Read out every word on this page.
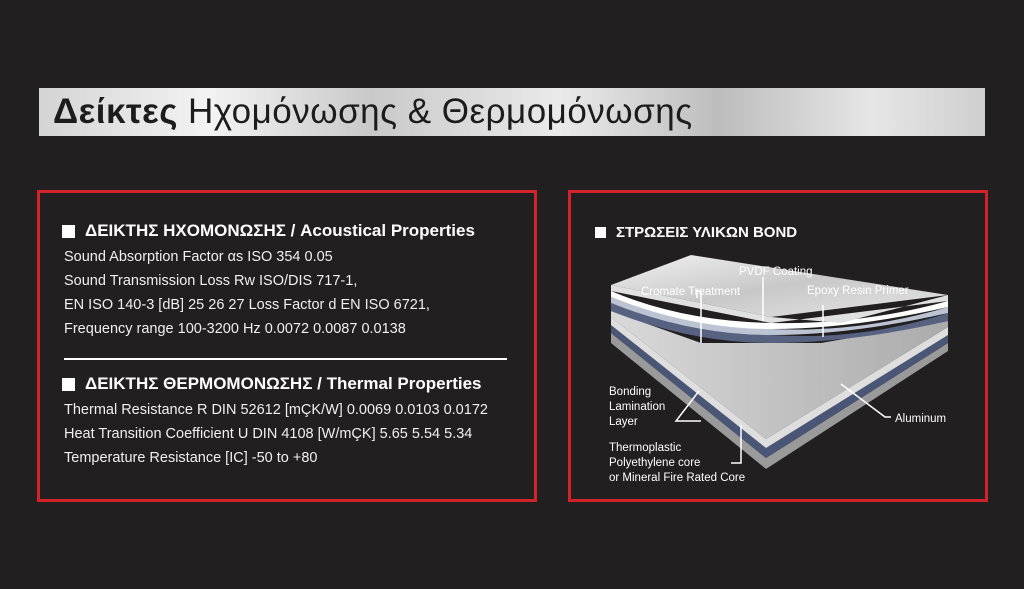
Δείκτες Ηχομόνωσης & Θερμομόνωσης
ΔΕΙΚΤΗΣ ΗΧΟΜΟΝΩΣΗΣ / Acoustical Properties
Sound Absorption Factor αs ISO 354 0.05
Sound Transmission Loss Rw ISO/DIS 717-1,
EN ISO 140-3 [dB] 25 26 27 Loss Factor d EN ISO 6721,
Frequency range 100-3200 Hz 0.0072 0.0087 0.0138
ΔΕΙΚΤΗΣ ΘΕΡΜΟΜΟΝΩΣΗΣ / Thermal Properties
Thermal Resistance R DIN 52612 [mÇK/W] 0.0069 0.0103 0.0172
Heat Transition Coefficient U DIN 4108 [W/mÇK] 5.65 5.54 5.34
Temperature Resistance [IC] -50 to +80
ΣΤΡΩΣΕΙΣ ΥΛΙΚΩΝ BOND
PVDF Coating
Cromate Treatment	Epoxy Resin Primer
Bonding
Lamination
Layer	Aluminum
Thermoplastic
Polyethylene core
or Mineral Fire Rated Core
